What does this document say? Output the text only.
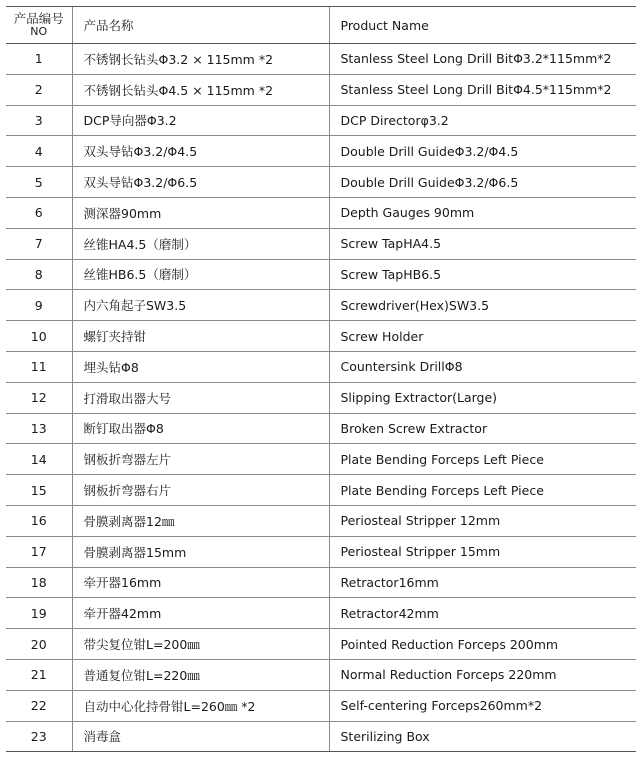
产品编号
NO	产品名称	Product Name
1	不锈钢长钻头Φ3.2 × 115mm *2	Stanless Steel Long Drill BitΦ3.2*115mm*2
2	不锈钢长钻头Φ4.5 × 115mm *2	Stanless Steel Long Drill BitΦ4.5*115mm*2
3	DCP导向器Φ3.2	DCP Directorφ3.2
4	双头导钻Φ3.2/Φ4.5	Double Drill GuideΦ3.2/Φ4.5
5	双头导钻Φ3.2/Φ6.5	Double Drill GuideΦ3.2/Φ6.5
6	测深器90mm	Depth Gauges 90mm
7	丝锥HA4.5（磨制）	Screw TapHA4.5
8	丝锥HB6.5（磨制）	Screw TapHB6.5
9	内六角起子SW3.5	Screwdriver(Hex)SW3.5
10	螺钉夹持钳	Screw Holder
11	埋头钻Φ8	Countersink DrillΦ8
12	打滑取出器大号	Slipping Extractor(Large)
13	断钉取出器Φ8	Broken Screw Extractor
14	钢板折弯器左片	Plate Bending Forceps Left Piece
15	钢板折弯器右片	Plate Bending Forceps Left Piece
16	骨膜剥离器12㎜	Periosteal Stripper 12mm
17	骨膜剥离器15mm	Periosteal Stripper 15mm
18	牵开器16mm	Retractor16mm
19	牵开器42mm	Retractor42mm
20	带尖复位钳L=200㎜	Pointed Reduction Forceps 200mm
21	普通复位钳L=220㎜	Normal Reduction Forceps 220mm
22	自动中心化持骨钳L=260㎜ *2	Self-centering Forceps260mm*2
23	消毒盒	Sterilizing Box
